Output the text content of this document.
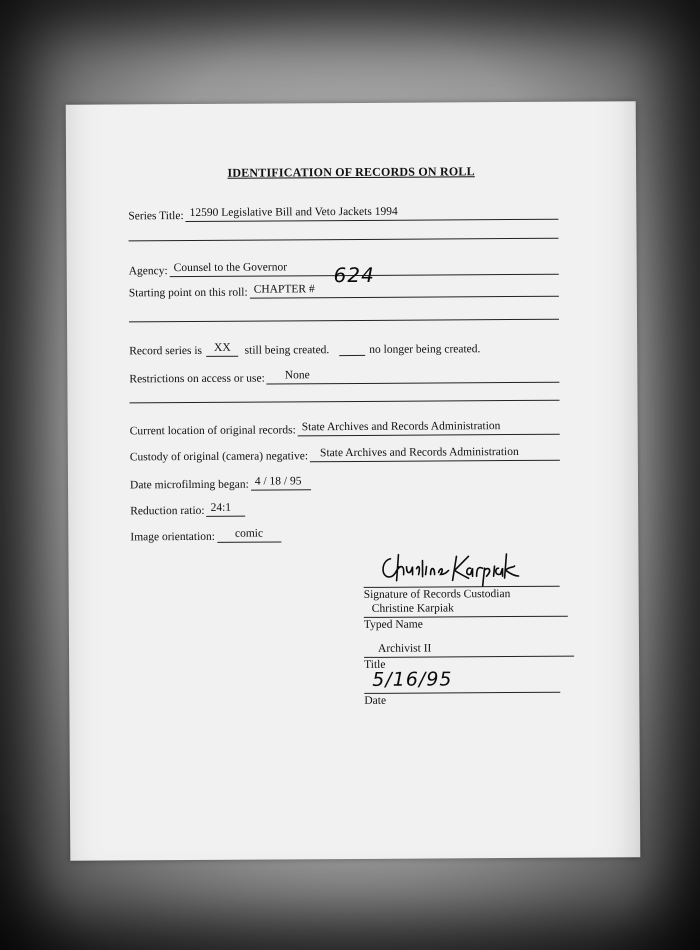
IDENTIFICATION OF RECORDS ON ROLL
Series Title: 12590 Legislative Bill and Veto Jackets 1994
Agency: Counsel to the Governor
Starting point on this roll: CHAPTER #
624
Record series is	XX	still being created.	no longer being created.
Restrictions on access or use:	None
Current location of original records: State Archives and Records Administration
Custody of original (camera) negative:	State Archives and Records Administration
Date microfilming began: 4 / 18 / 95
Reduction ratio: 24:1
Image orientation:	comic
Christine Karpiak
Signature of Records Custodian
Christine Karpiak
Typed Name
Archivist II
Title
5/16/95
Date
